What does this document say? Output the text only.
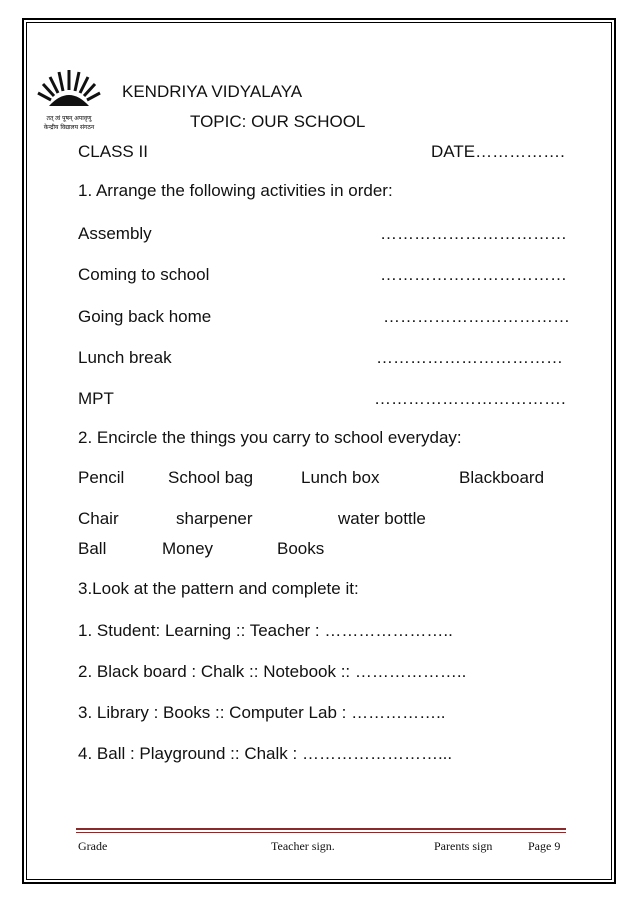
तत् त्वं पूषन् अपावृणु
केन्द्रीय विद्यालय संगठन
KENDRIYA VIDYALAYA
TOPIC: OUR SCHOOL
CLASS II	DATE…………….
1. Arrange the following activities in order:
Assembly	……………………………
Coming to school	……………………………
Going back home	……………………………
Lunch break	……………………………
MPT	…………………………….
2. Encircle the things you carry to school everyday:
Pencil	School bag	Lunch box	Blackboard
Chair	sharpener	water bottle
Ball	Money	Books
3.Look at the pattern and complete it:
1. Student: Learning :: Teacher : …………………..
2. Black board : Chalk :: Notebook :: ………………..
3. Library : Books :: Computer Lab : ……………..
4. Ball : Playground :: Chalk : ……………………...
Grade	Teacher sign.	Parents sign	Page 9
